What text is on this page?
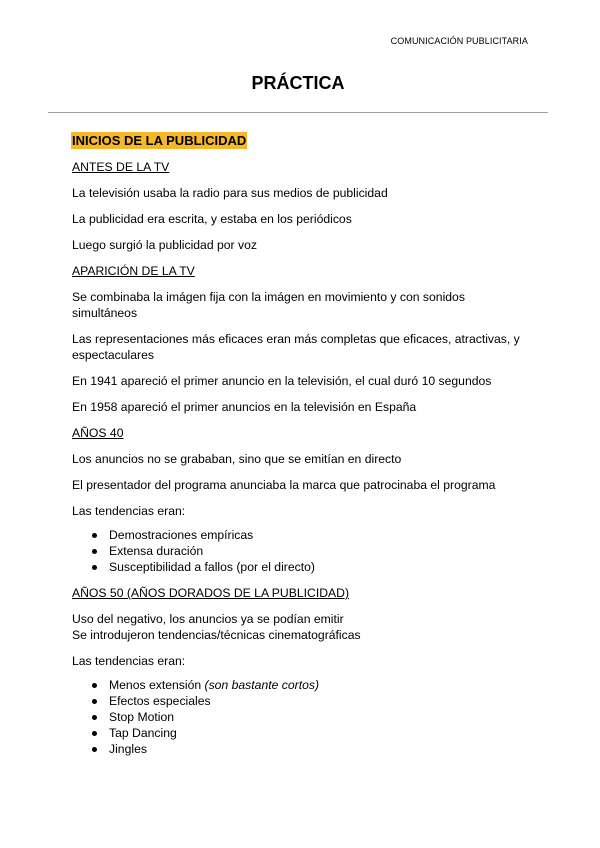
COMUNICACIÓN PUBLICITARIA
PRÁCTICA
INICIOS DE LA PUBLICIDAD
ANTES DE LA TV
La televisión usaba la radio para sus medios de publicidad
La publicidad era escrita, y estaba en los periódicos
Luego surgió la publicidad por voz
APARICIÓN DE LA TV
Se combinaba la imágen fija con la imágen en movimiento y con sonidos simultáneos
Las representaciones más eficaces eran más completas que eficaces, atractivas, y espectaculares
En 1941 apareció el primer anuncio en la televisión, el cual duró 10 segundos
En 1958 apareció el primer anuncios en la televisión en España
AÑOS 40
Los anuncios no se grababan, sino que se emitían en directo
El presentador del programa anunciaba la marca que patrocinaba el programa
Las tendencias eran:
Demostraciones empíricas
Extensa duración
Susceptibilidad a fallos (por el directo)
AÑOS 50 (AÑOS DORADOS DE LA PUBLICIDAD)
Uso del negativo, los anuncios ya se podían emitir
Se introdujeron tendencias/técnicas cinematográficas
Las tendencias eran:
Menos extensión (son bastante cortos)
Efectos especiales
Stop Motion
Tap Dancing
Jingles
